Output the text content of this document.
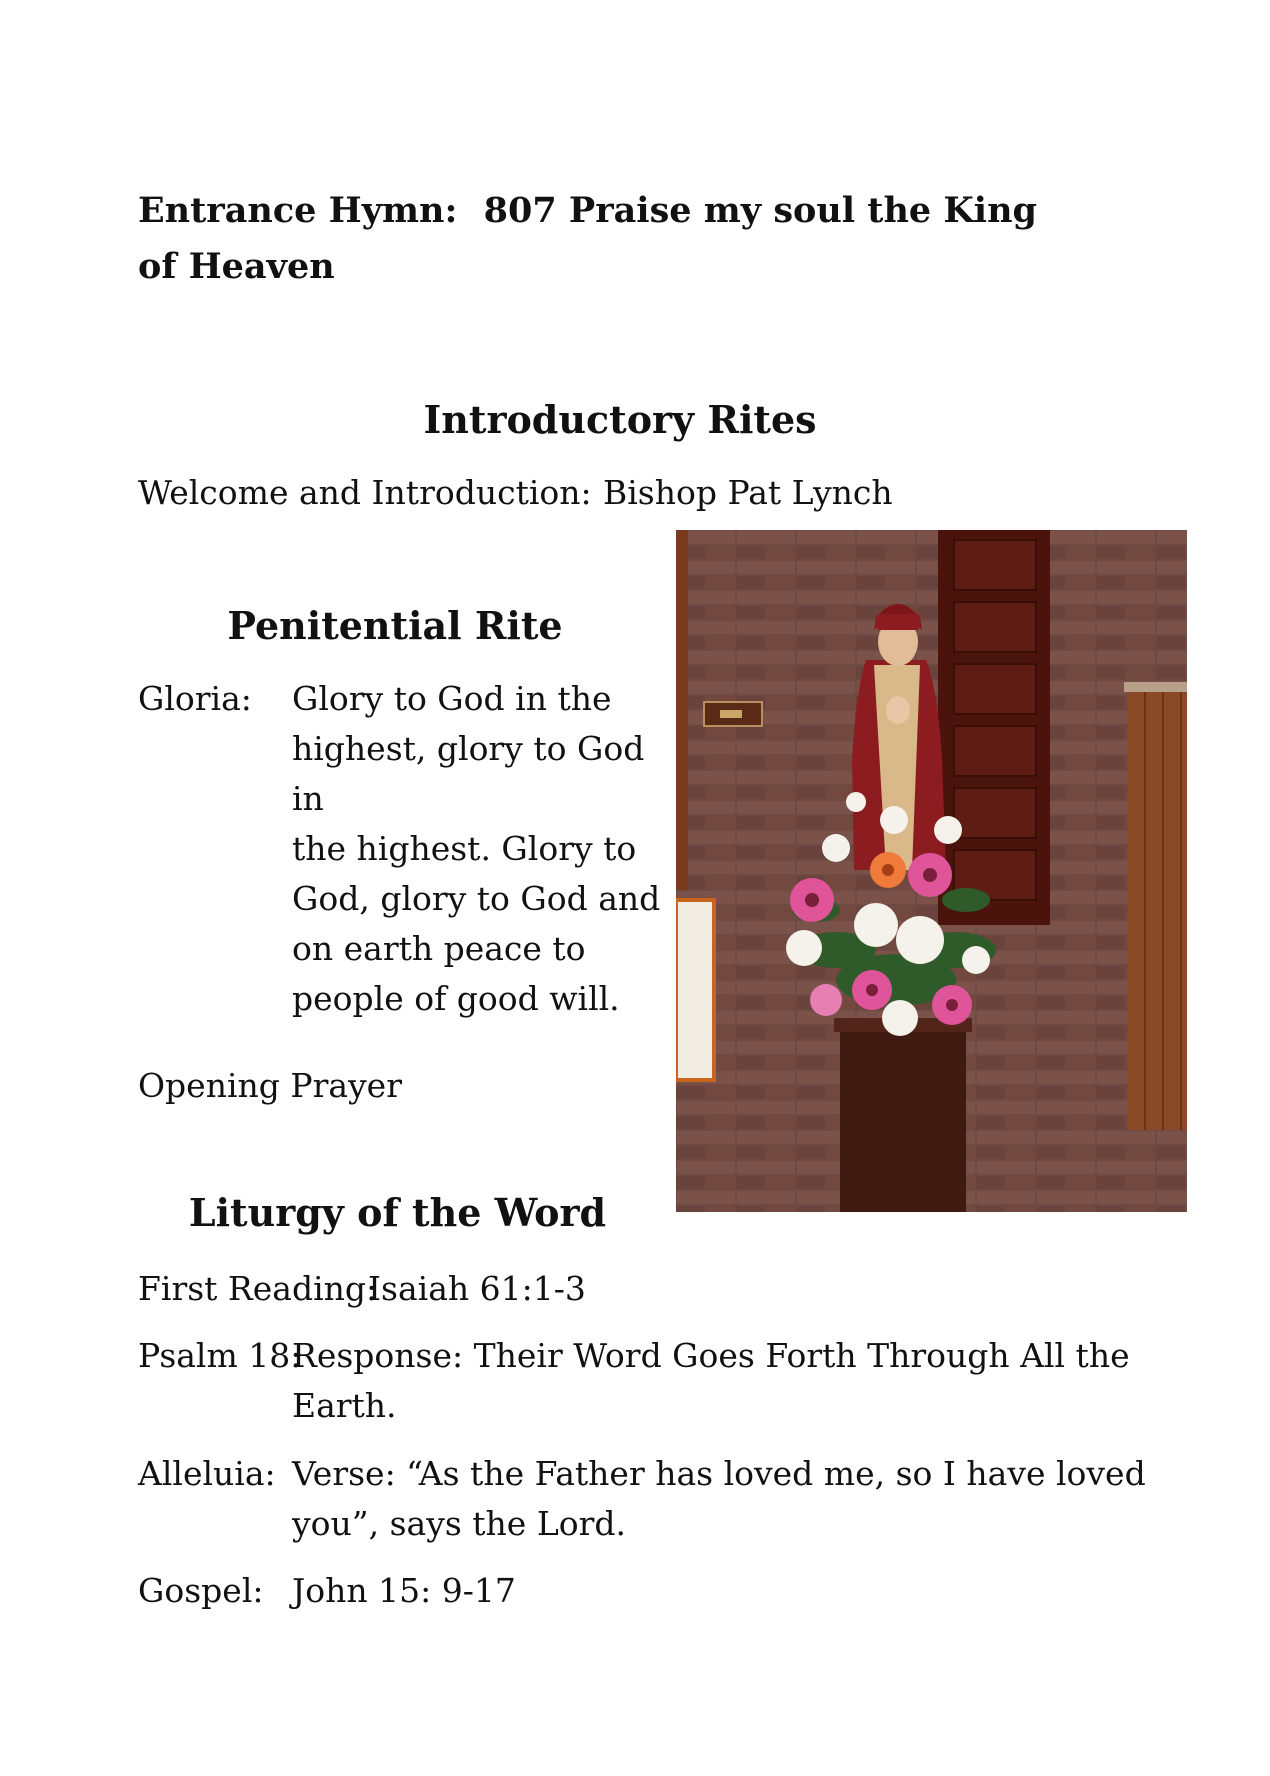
Entrance Hymn: 807 Praise my soul the King of Heaven
Introductory Rites
Welcome and Introduction: Bishop Pat Lynch
Penitential Rite
Gloria: Glory to God in the
highest, glory to God in
the highest. Glory to
God, glory to God and
on earth peace to
people of good will.
Opening Prayer
Liturgy of the Word
First Reading:
Isaiah 61:1-3
Psalm 18:
Response: Their Word Goes Forth Through All the
Earth.
Alleluia: Verse: “As the Father has loved me, so I have loved
you”, says the Lord.
Gospel: John 15: 9-17
